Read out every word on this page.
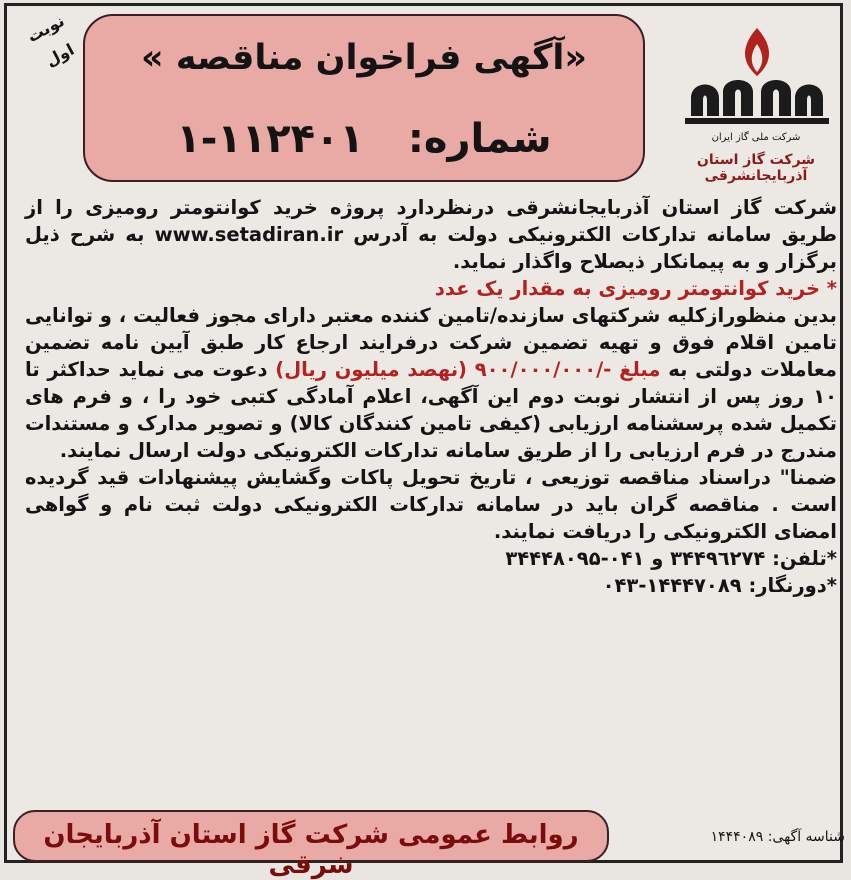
نوبت اول	«آگهی فراخوان مناقصه »
شماره: ١١٢-١۴٠١	شرکت ملی گاز ایران
شرکت گاز استان آذربایجانشرقی

شرکت گاز استان آذربایجانشرقی درنظردارد پروژه خرید کوانتومتر رومیزی را از طریق سامانه تدارکات الکترونیکی دولت به آدرس www.setadiran.ir به شرح ذیل برگزار و به پیمانکار ذیصلاح واگذار نماید.

* خرید کوانتومتر رومیزی به مقدار یک عدد

بدین منظورازکلیه شرکتهای سازنده/تامین کننده معتبر دارای مجوز فعالیت ، و توانایی تامین اقلام فوق و تهیه تضمین شرکت درفرایند ارجاع کار طبق آیین نامه تضمین معاملات دولتی به مبلغ -/٩٠٠/٠٠٠/٠٠٠ (نهصد میلیون ریال) دعوت می نماید حداکثر تا ١٠ روز پس از انتشار نوبت دوم این آگهی، اعلام آمادگی کتبی خود را ، و فرم های تکمیل شده پرسشنامه ارزیابی (کیفی تامین کنندگان کالا) و تصویر مدارک و مستندات مندرج در فرم ارزیابی را از طریق سامانه تدارکات الکترونیکی دولت ارسال نمایند.

ضمنا" دراسناد مناقصه توزیعی ، تاریخ تحویل پاکات وگشایش پیشنهادات قید گردیده است . مناقصه گران باید در سامانه تدارکات الکترونیکی دولت ثبت نام و گواهی امضای الکترونیکی را دریافت نمایند.

*تلفن: ٣۴۴٩٦٢٧۴ و ٠۴١-٣۴۴۴٨٠٩۵

*دورنگار: ٠۴١-٣۴۴۴٧٠٨٩

روابط عمومی شرکت گاز استان آذربایجان شرقی
شناسه آگهی: ١۴۴۴٠٨٩
